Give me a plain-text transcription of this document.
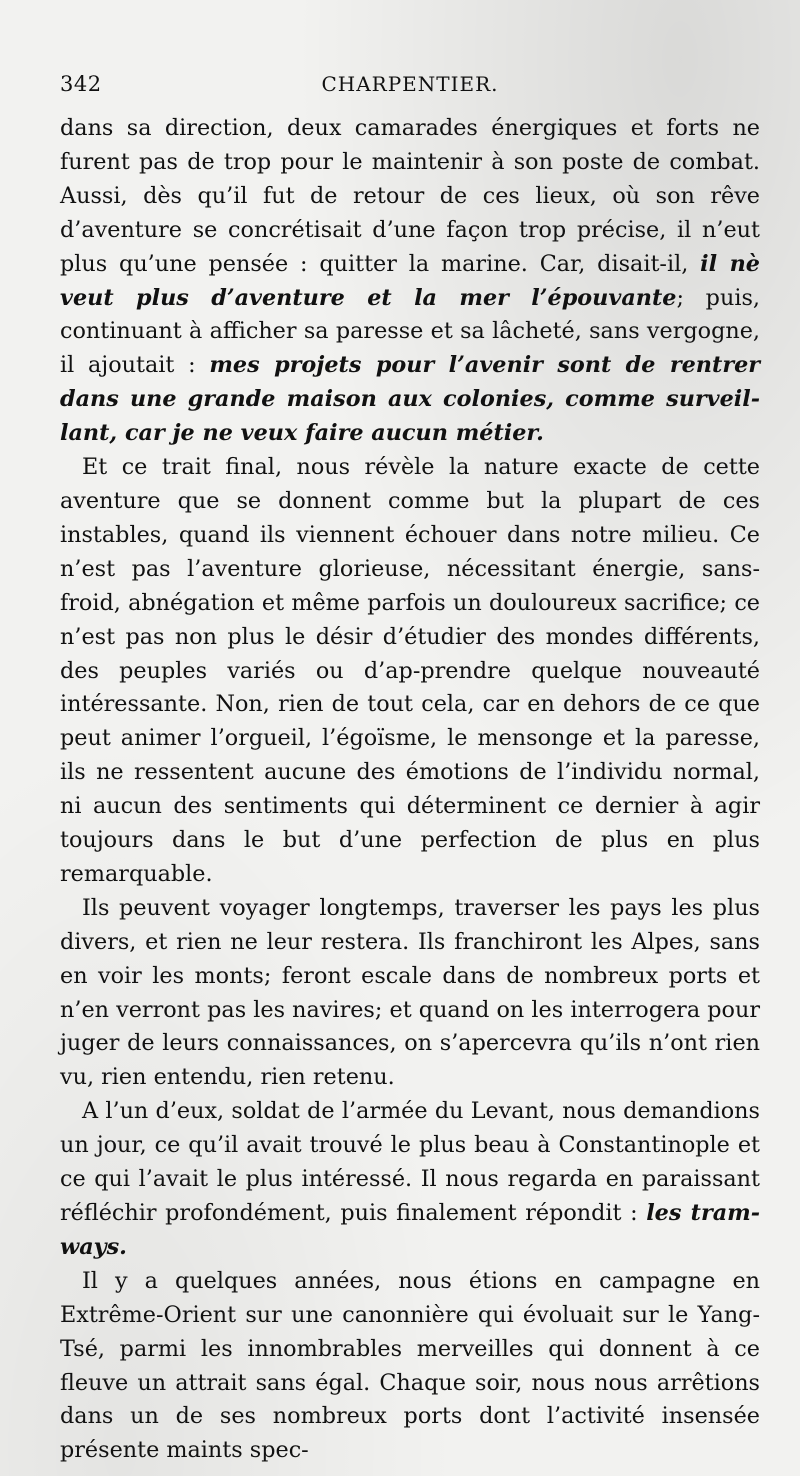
342	CHARPENTIER.

dans sa direction, deux camarades énergiques et forts ne furent pas de trop pour le maintenir à son poste de combat. Aussi, dès qu’il fut de retour de ces lieux, où son rêve d’aventure se concrétisait d’une façon trop précise, il n’eut plus qu’une pensée : quitter la marine. Car, disait-il, il nè veut plus d’aventure et la mer l’épouvante; puis, continuant à afficher sa paresse et sa lâcheté, sans vergogne, il ajoutait : mes projets pour l’avenir sont de rentrer dans une grande maison aux colonies, comme surveil-lant, car je ne veux faire aucun métier.

Et ce trait final, nous révèle la nature exacte de cette aventure que se donnent comme but la plupart de ces instables, quand ils viennent échouer dans notre milieu. Ce n’est pas l’aventure glorieuse, nécessitant énergie, sans-froid, abnégation et même parfois un douloureux sacrifice; ce n’est pas non plus le désir d’étudier des mondes différents, des peuples variés ou d’ap-prendre quelque nouveauté intéressante. Non, rien de tout cela, car en dehors de ce que peut animer l’orgueil, l’égoïsme, le mensonge et la paresse, ils ne ressentent aucune des émotions de l’individu normal, ni aucun des sentiments qui déterminent ce dernier à agir toujours dans le but d’une perfection de plus en plus remarquable.

Ils peuvent voyager longtemps, traverser les pays les plus divers, et rien ne leur restera. Ils franchiront les Alpes, sans en voir les monts; feront escale dans de nombreux ports et n’en verront pas les navires; et quand on les interrogera pour juger de leurs connaissances, on s’apercevra qu’ils n’ont rien vu, rien entendu, rien retenu.

A l’un d’eux, soldat de l’armée du Levant, nous demandions un jour, ce qu’il avait trouvé le plus beau à Constantinople et ce qui l’avait le plus intéressé. Il nous regarda en paraissant réfléchir profondément, puis finalement répondit : les tram-ways.

Il y a quelques années, nous étions en campagne en Extrême-Orient sur une canonnière qui évoluait sur le Yang-Tsé, parmi les innombrables merveilles qui donnent à ce fleuve un attrait sans égal. Chaque soir, nous nous arrêtions dans un de ses nombreux ports dont l’activité insensée présente maints spec-
